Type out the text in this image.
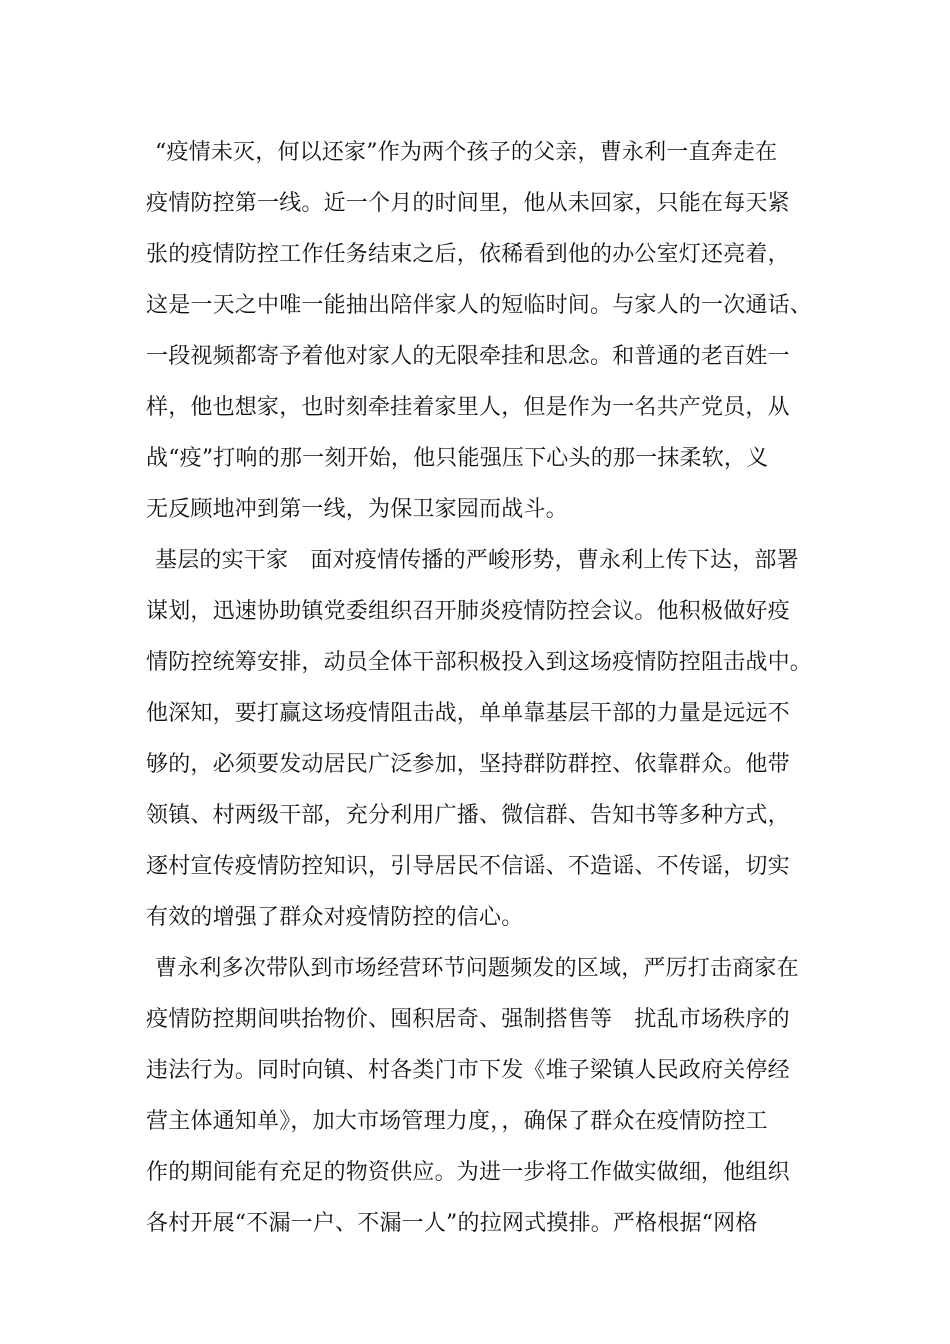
“疫情未灭，何以还家”作为两个孩子的父亲，曹永利一直奔走在
疫情防控第一线。近一个月的时间里，他从未回家，只能在每天紧
张的疫情防控工作任务结束之后，依稀看到他的办公室灯还亮着，
这是一天之中唯一能抽出陪伴家人的短临时间。与家人的一次通话、
一段视频都寄予着他对家人的无限牵挂和思念。和普通的老百姓一
样，他也想家，也时刻牵挂着家里人，但是作为一名共产党员，从
战“疫”打响的那一刻开始，他只能强压下心头的那一抹柔软，义
无反顾地冲到第一线，为保卫家园而战斗。
基层的实干家　面对疫情传播的严峻形势，曹永利上传下达，部署
谋划，迅速协助镇党委组织召开肺炎疫情防控会议。他积极做好疫
情防控统筹安排，动员全体干部积极投入到这场疫情防控阻击战中。
他深知，要打赢这场疫情阻击战，单单靠基层干部的力量是远远不
够的，必须要发动居民广泛参加，坚持群防群控、依靠群众。他带
领镇、村两级干部，充分利用广播、微信群、告知书等多种方式，
逐村宣传疫情防控知识，引导居民不信谣、不造谣、不传谣，切实
有效的增强了群众对疫情防控的信心。
曹永利多次带队到市场经营环节问题频发的区域，严厉打击商家在
疫情防控期间哄抬物价、囤积居奇、强制搭售等　扰乱市场秩序的
违法行为。同时向镇、村各类门市下发《堆子梁镇人民政府关停经
营主体通知单》，加大市场管理力度，，确保了群众在疫情防控工
作的期间能有充足的物资供应。为进一步将工作做实做细，他组织
各村开展“不漏一户、不漏一人”的拉网式摸排。严格根据“网格
